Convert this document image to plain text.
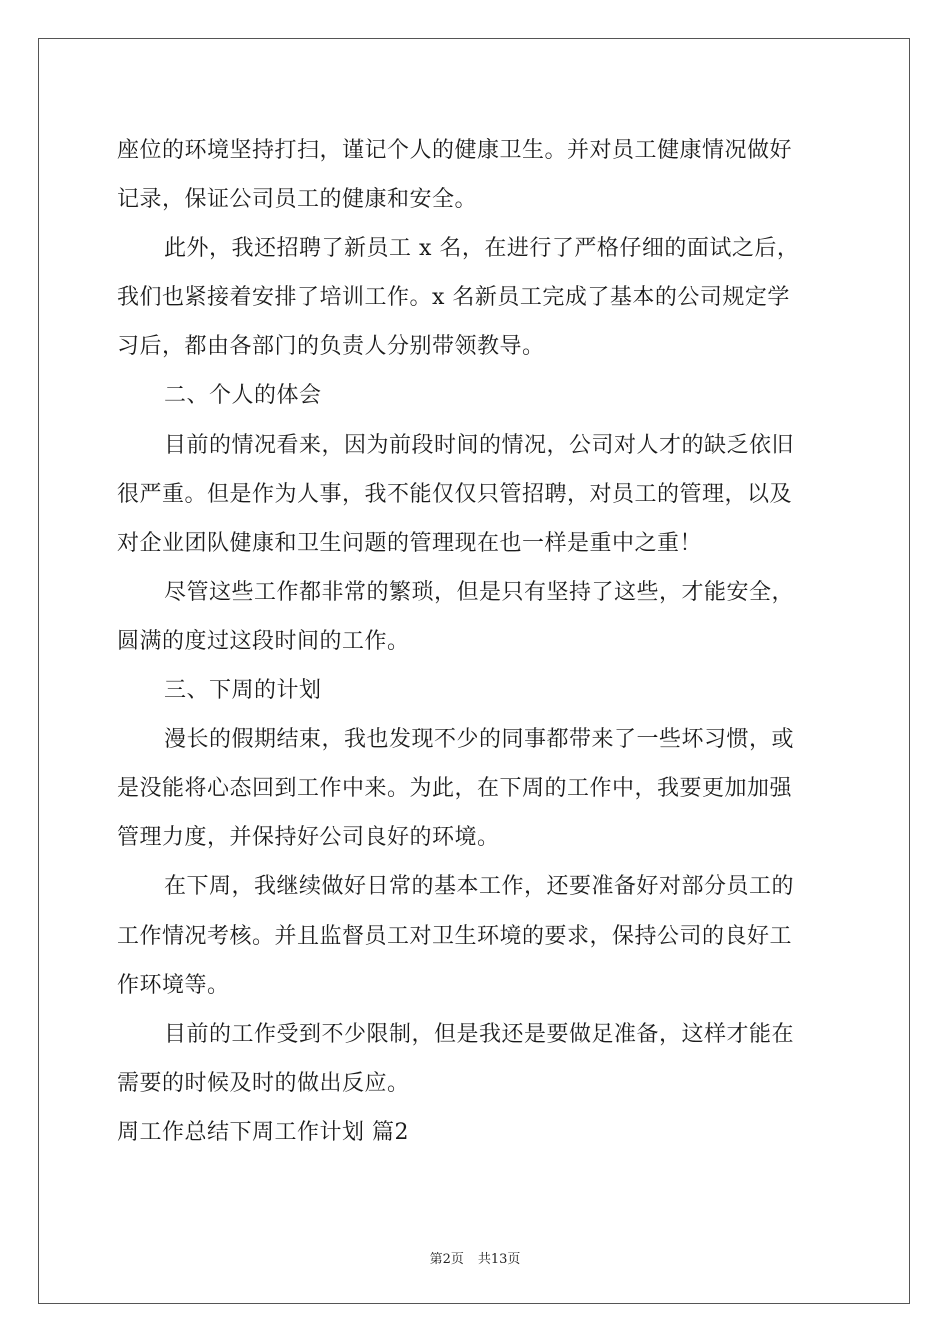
座位的环境坚持打扫，谨记个人的健康卫生。并对员工健康情况做好
记录，保证公司员工的健康和安全。
此外，我还招聘了新员工 x 名，在进行了严格仔细的面试之后，
我们也紧接着安排了培训工作。x 名新员工完成了基本的公司规定学
习后，都由各部门的负责人分别带领教导。
二、个人的体会
目前的情况看来，因为前段时间的情况，公司对人才的缺乏依旧
很严重。但是作为人事，我不能仅仅只管招聘，对员工的管理，以及
对企业团队健康和卫生问题的管理现在也一样是重中之重！
尽管这些工作都非常的繁琐，但是只有坚持了这些，才能安全，
圆满的度过这段时间的工作。
三、下周的计划
漫长的假期结束，我也发现不少的同事都带来了一些坏习惯，或
是没能将心态回到工作中来。为此，在下周的工作中，我要更加加强
管理力度，并保持好公司良好的环境。
在下周，我继续做好日常的基本工作，还要准备好对部分员工的
工作情况考核。并且监督员工对卫生环境的要求，保持公司的良好工
作环境等。
目前的工作受到不少限制，但是我还是要做足准备，这样才能在
需要的时候及时的做出反应。
周工作总结下周工作计划 篇2
第2页 共13页
